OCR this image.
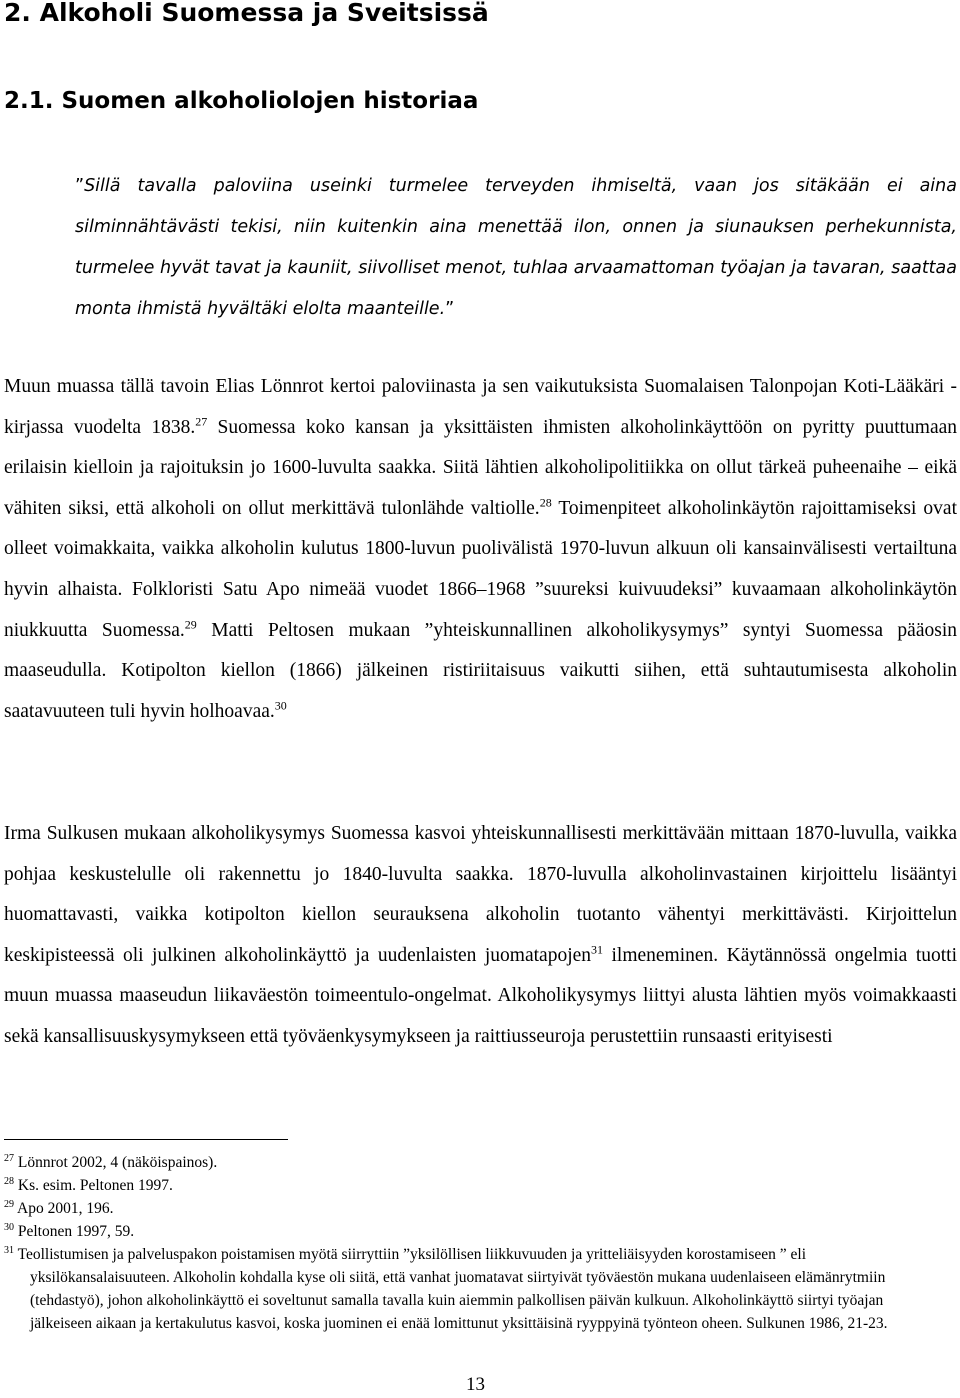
2. Alkoholi Suomessa ja Sveitsissä
2.1. Suomen alkoholiolojen historiaa
”Sillä tavalla paloviina useinki turmelee terveyden ihmiseltä, vaan jos sitäkään ei aina silminnähtävästi tekisi, niin kuitenkin aina menettää ilon, onnen ja siunauksen perhekunnista, turmelee hyvät tavat ja kauniit, siivolliset menot, tuhlaa arvaamattoman työajan ja tavaran, saattaa monta ihmistä hyvältäki elolta maanteille.”
Muun muassa tällä tavoin Elias Lönnrot kertoi paloviinasta ja sen vaikutuksista Suomalaisen Talonpojan Koti-Lääkäri -kirjassa vuodelta 1838.27 Suomessa koko kansan ja yksittäisten ihmisten alkoholinkäyttöön on pyritty puuttumaan erilaisin kielloin ja rajoituksin jo 1600-luvulta saakka. Siitä lähtien alkoholipolitiikka on ollut tärkeä puheenaihe – eikä vähiten siksi, että alkoholi on ollut merkittävä tulonlähde valtiolle.$^{28}$ Toimenpiteet alkoholinkäytön rajoittamiseksi ovat olleet voimakkaita, vaikka alkoholin kulutus 1800-luvun puolivälistä 1970-luvun alkuun oli kansainvälisesti vertailtuna hyvin alhaista. Folkloristi Satu Apo nimeää vuodet 1866–1968 ”suureksi kuivuudeksi” kuvaamaan alkoholinkäytön niukkuutta Suomessa.$^{29}$ Matti Peltosen mukaan ”yhteiskunnallinen alkoholikysymys” syntyi Suomessa pääosin maaseudulla. Kotipolton kiellon (1866) jälkeinen ristiriitaisuus vaikutti siihen, että suhtautumisesta alkoholin saatavuuteen tuli hyvin holhoavaa.$^{30}$
Irma Sulkusen mukaan alkoholikysymys Suomessa kasvoi yhteiskunnallisesti merkittävään mittaan 1870-luvulla, vaikka pohjaa keskustelulle oli rakennettu jo 1840-luvulta saakka. 1870-luvulla alkoholinvastainen kirjoittelu lisääntyi huomattavasti, vaikka kotipolton kiellon seurauksena alkoholin tuotanto vähentyi merkittävästi. Kirjoittelun keskipisteessä oli julkinen alkoholinkäyttö ja uudenlaisten juomatapojen$^{31}$ ilmeneminen. Käytännössä ongelmia tuotti muun muassa maaseudun liikaväestön toimeentulo-ongelmat. Alkoholikysymys liittyi alusta lähtien myös voimakkaasti sekä kansallisuuskysymykseen että työväenkysymykseen ja raittiusseuroja perustettiin runsaasti erityisesti
$^{27}$ Lönnrot 2002, 4 (näköispainos).
$^{28}$ Ks. esim. Peltonen 1997.
$^{29}$ Apo 2001, 196.
$^{30}$ Peltonen 1997, 59.
$^{31}$ Teollistumisen ja palveluspakon poistamisen myötä siirryttiin ”yksilöllisen liikkuvuuden ja yritteliäisyyden korostamiseen ” eli yksilökansalaisuuteen. Alkoholin kohdalla kyse oli siitä, että vanhat juomatavat siirtyivät työväestön mukana uudenlaiseen elämänrytmiin (tehdastyö), johon alkoholinkäyttö ei soveltunut samalla tavalla kuin aiemmin palkollisen päivän kulkuun. Alkoholinkäyttö siirtyi työajan jälkeiseen aikaan ja kertakulutus kasvoi, koska juominen ei enää lomittunut yksittäisinä ryyppyinä työnteon oheen. Sulkunen 1986, 21-23.
13
